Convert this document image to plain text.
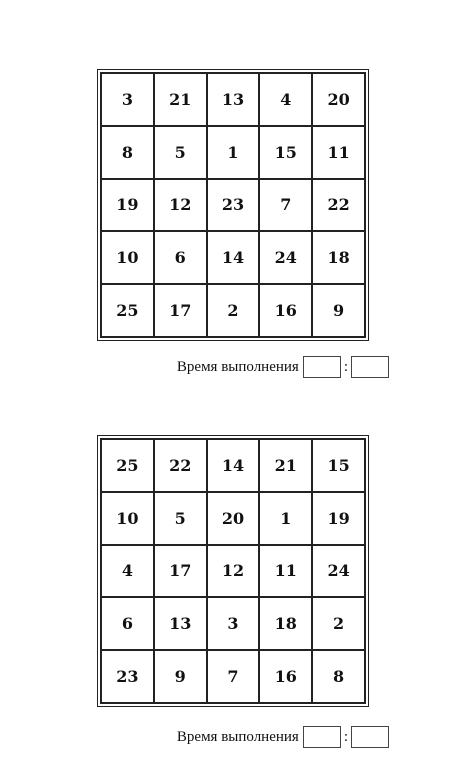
3	21	13	4	20
8	5	1	15	11
19	12	23	7	22
10	6	14	24	18
25	17	2	16	9
Время выполнения	:
25	22	14	21	15
10	5	20	1	19
4	17	12	11	24
6	13	3	18	2
23	9	7	16	8
Время выполнения	:
